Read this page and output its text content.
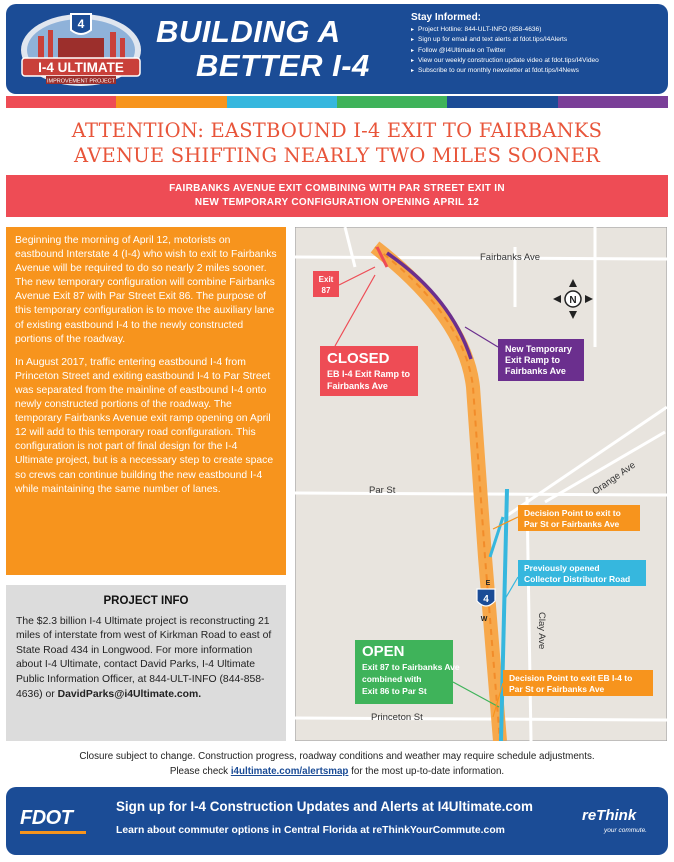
4
I-4 ULTIMATE
IMPROVEMENT PROJECT
BUILDING A
BETTER I-4
Stay Informed:
▸ Project Hotline: 844-ULT-INFO (858-4636)
▸ Sign up for email and text alerts at fdot.tips/I4Alerts
▸ Follow @I4Ultimate on Twitter
▸ View our weekly construction update video at fdot.tips/I4Video
▸ Subscribe to our monthly newsletter at fdot.tips/I4News
ATTENTION: EASTBOUND I-4 EXIT TO FAIRBANKS
AVENUE SHIFTING NEARLY TWO MILES SOONER
FAIRBANKS AVENUE EXIT COMBINING WITH PAR STREET EXIT IN
NEW TEMPORARY CONFIGURATION OPENING APRIL 12

Beginning the morning of April 12, motorists on eastbound Interstate 4 (I-4) who wish to exit to Fairbanks Avenue will be required to do so nearly 2 miles sooner. The new temporary configuration will combine Fairbanks Avenue Exit 87 with Par Street Exit 86. The purpose of this temporary configuration is to move the auxiliary lane of existing eastbound I-4 to the newly constructed portions of the roadway.

In August 2017, traffic entering eastbound I-4 from Princeton Street and exiting eastbound I-4 to Par Street was separated from the mainline of eastbound I-4 onto newly constructed portions of the roadway. The temporary Fairbanks Avenue exit ramp opening on April 12 will add to this temporary road configuration. This configuration is not part of final design for the I-4 Ultimate project, but is a necessary step to create space so crews can continue building the new eastbound I-4 while maintaining the same number of lanes.

PROJECT INFO
The $2.3 billion I-4 Ultimate project is reconstructing 21 miles of interstate from west of Kirkman Road to east of State Road 434 in Longwood. For more information about I-4 Ultimate, contact David Parks, I-4 Ultimate Public Information Officer, at 844-ULT-INFO (844-858-4636) or DavidParks@i4Ultimate.com.
Fairbanks Ave
Par St
Princeton St
Orange Ave
Clay Ave
N
Exit
87
CLOSED
EB I-4 Exit Ramp to
Fairbanks Ave
New Temporary
Exit Ramp to
Fairbanks Ave
Decision Point to exit to
Par St or Fairbanks Ave
Previously opened
Collector Distributor Road
4
E
W
OPEN
Exit 87 to Fairbanks Ave
combined with
Exit 86 to Par St
Decision Point to exit EB I-4 to
Par St or Fairbanks Ave
Closure subject to change. Construction progress, roadway conditions and weather may require schedule adjustments.
Please check i4ultimate.com/alertsmap for the most up-to-date information.
FDOT
Sign up for I-4 Construction Updates and Alerts at I4Ultimate.com
Learn about commuter options in Central Florida at reThinkYourCommute.com
reThink
your commute.
